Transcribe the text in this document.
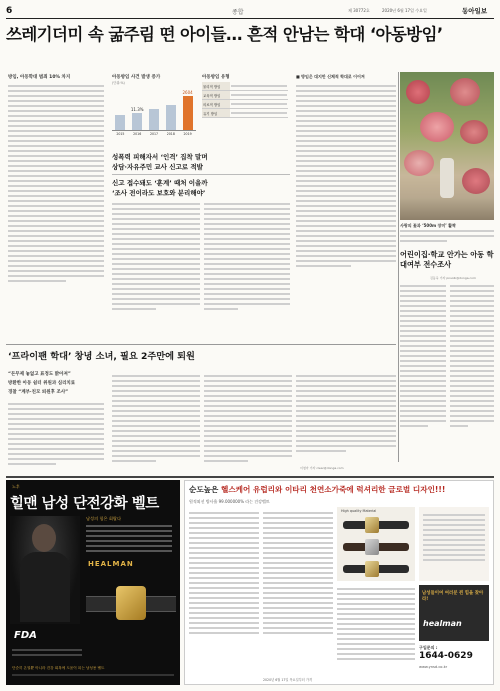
6	종합	제 30772호	2020년 6월 17일 수요일	동아일보
쓰레기더미 속 굶주림 떤 아이들… 흔적 안남는 학대 ‘아동방임’
방임, 아동학대 범죄 10% 차지	아동방임 사건 발생 증가
(단위:%)
11.3%
2604
2015	2016	2017	2018	2019
아동방임 유형
물리적 방임	

교육적 방임	

의료적 방임	

유기 방임	
성폭력 피해자서 ‘인격’ 집착 말며
상담·자유주민 교사 신고로 적발
신고 접수돼도 ‘훈계’ 때처 이을까
‘조사 전이라도 보호와 분리해야’
■ 방임은 대지만 신체적 학대로 이어져
사랑의 꽃과 ‘500m 장미’ 활짝
어린이집·학교 안가는 아동 학대여부 전수조사
김동욱 기자 pnsolk@donga.com
‘프라이팬 학대’ 창녕 소녀, 필요 2주만에 퇴원
“돈무제 놓없고 표정도 밝아져”
방환한 아동 쉼터 위원과 심리치료
경찰 “계부·친모 퇴원후 조사”
이청아 기자 clear@donga.com
노후
힐맨 남성 단전강화 벨트
남성의 힘은 회랄다
HEALMAN
FDA
단순히 온열뿐 아니라 건강 회복에 도움이 되는 남성용 벨트
순도높은 헬스케어 유럽리와 이타리 천연소가죽에 럭셔리한 글로벌 디자인!!!
원적외선 방사율 99.000000% 라는 건강벨트
High quality Material
남성들이여 여러분 쥔 힘을 찾아라!
healman
구입문의 :
1644-0629
www.ynsd.co.kr
2020년 6월 17일 목요일부터 가격
